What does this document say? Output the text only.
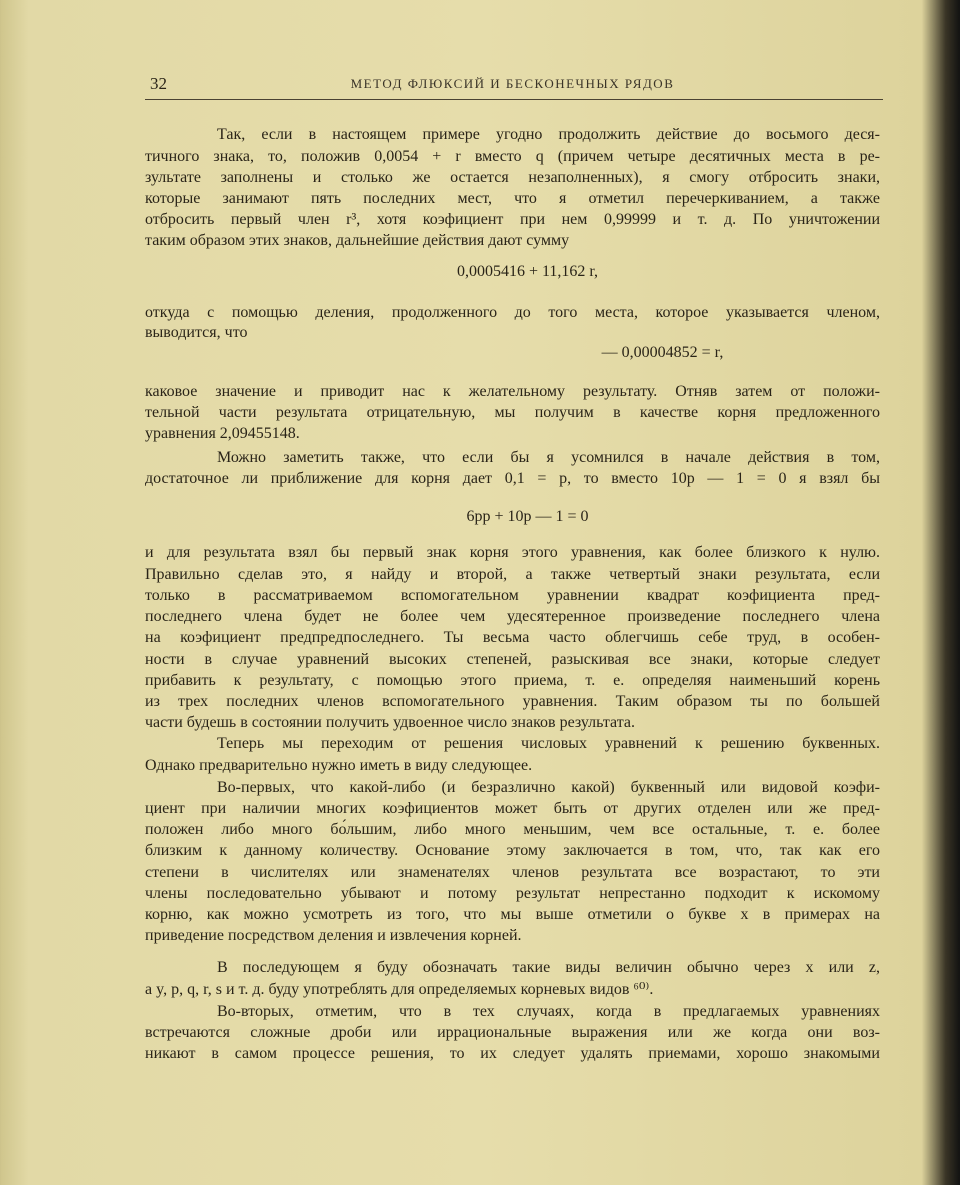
32	МЕТОД ФЛЮКСИЙ И БЕСКОНЕЧНЫХ РЯДОВ
Так, если в настоящем примере угодно продолжить действие до восьмого деся-
тичного знака, то, положив 0,0054 + r вместо q (причем четыре десятичных места в ре-
зультате заполнены и столько же остается незаполненных), я смогу отбросить знаки,
которые занимают пять последних мест, что я отметил перечеркиванием, а также
отбросить первый член r³, хотя коэфициент при нем 0,99999 и т. д. По уничтожении
таким образом этих знаков, дальнейшие действия дают сумму
0,0005416 + 11,162 r,
откуда с помощью деления, продолженного до того места, которое указывается членом,
выводится, что
— 0,00004852 = r,
каковое значение и приводит нас к желательному результату. Отняв затем от положи-
тельной части результата отрицательную, мы получим в качестве корня предложенного
уравнения 2,09455148.
Можно заметить также, что если бы я усомнился в начале действия в том,
достаточное ли приближение для корня дает 0,1 = p, то вместо 10p — 1 = 0 я взял бы
6pp + 10p — 1 = 0
и для результата взял бы первый знак корня этого уравнения, как более близкого к нулю.
Правильно сделав это, я найду и второй, а также четвертый знаки результата, если
только в рассматриваемом вспомогательном уравнении квадрат коэфициента пред-
последнего члена будет не более чем удесятеренное произведение последнего члена
на коэфициент предпредпоследнего. Ты весьма часто облегчишь себе труд, в особен-
ности в случае уравнений высоких степеней, разыскивая все знаки, которые следует
прибавить к результату, с помощью этого приема, т. е. определяя наименьший корень
из трех последних членов вспомогательного уравнения. Таким образом ты по большей
части будешь в состоянии получить удвоенное число знаков результата.
Теперь мы переходим от решения числовых уравнений к решению буквенных.
Однако предварительно нужно иметь в виду следующее.
Во-первых, что какой-либо (и безразлично какой) буквенный или видовой коэфи-
циент при наличии многих коэфициентов может быть от других отделен или же пред-
положен либо много бо́льшим, либо много меньшим, чем все остальные, т. е. более
близким к данному количеству. Основание этому заключается в том, что, так как его
степени в числителях или знаменателях членов результата все возрастают, то эти
члены последовательно убывают и потому результат непрестанно подходит к искомому
корню, как можно усмотреть из того, что мы выше отметили о букве x в примерах на
приведение посредством деления и извлечения корней.
В последующем я буду обозначать такие виды величин обычно через x или z,
а y, p, q, r, s и т. д. буду употреблять для определяемых корневых видов ⁶⁰⁾.
Во-вторых, отметим, что в тех случаях, когда в предлагаемых уравнениях
встречаются сложные дроби или иррациональные выражения или же когда они воз-
никают в самом процессе решения, то их следует удалять приемами, хорошо знакомыми
